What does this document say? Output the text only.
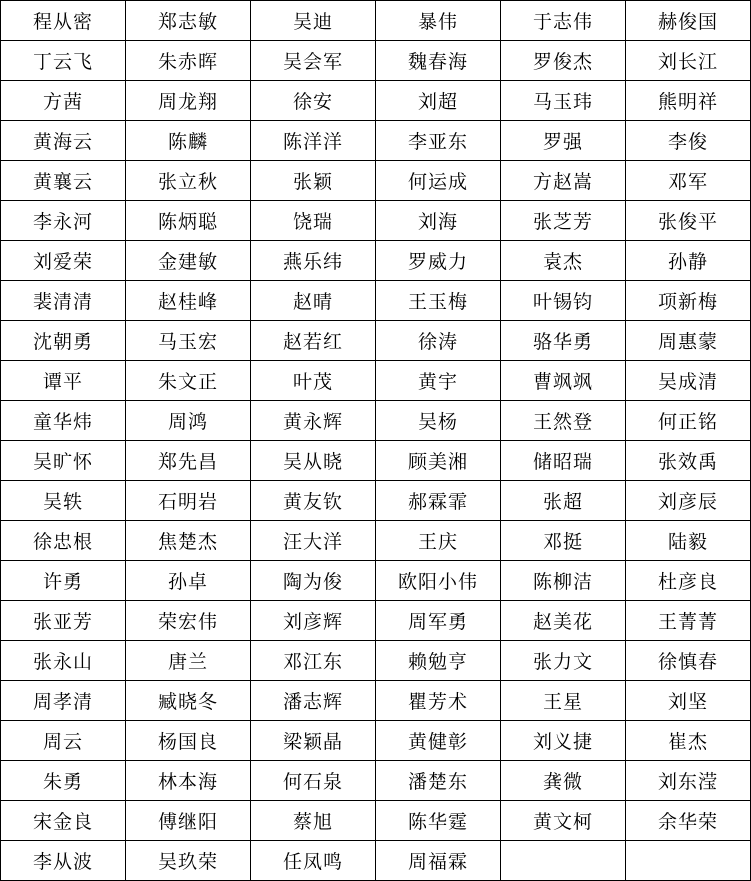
程从密	郑志敏	吴迪	暴伟	于志伟	赫俊国
丁云飞	朱赤晖	吴会军	魏春海	罗俊杰	刘长江
方茜	周龙翔	徐安	刘超	马玉玮	熊明祥
黄海云	陈麟	陈洋洋	李亚东	罗强	李俊
黄襄云	张立秋	张颖	何运成	方赵嵩	邓军
李永河	陈炳聪	饶瑞	刘海	张芝芳	张俊平
刘爱荣	金建敏	燕乐纬	罗威力	袁杰	孙静
裴清清	赵桂峰	赵晴	王玉梅	叶锡钧	项新梅
沈朝勇	马玉宏	赵若红	徐涛	骆华勇	周惠蒙
谭平	朱文正	叶茂	黄宇	曹飒飒	吴成清
童华炜	周鸿	黄永辉	吴杨	王然登	何正铭
吴旷怀	郑先昌	吴从晓	顾美湘	储昭瑞	张效禹
吴轶	石明岩	黄友钦	郝霖霏	张超	刘彦辰
徐忠根	焦楚杰	汪大洋	王庆	邓挺	陆毅
许勇	孙卓	陶为俊	欧阳小伟	陈柳洁	杜彦良
张亚芳	荣宏伟	刘彦辉	周军勇	赵美花	王菁菁
张永山	唐兰	邓江东	赖勉亨	张力文	徐慎春
周孝清	臧晓冬	潘志辉	瞿芳术	王星	刘坚
周云	杨国良	梁颖晶	黄健彰	刘义捷	崔杰
朱勇	林本海	何石泉	潘楚东	龚微	刘东滢
宋金良	傅继阳	蔡旭	陈华霆	黄文柯	余华荣
李从波	吴玖荣	任凤鸣	周福霖		
